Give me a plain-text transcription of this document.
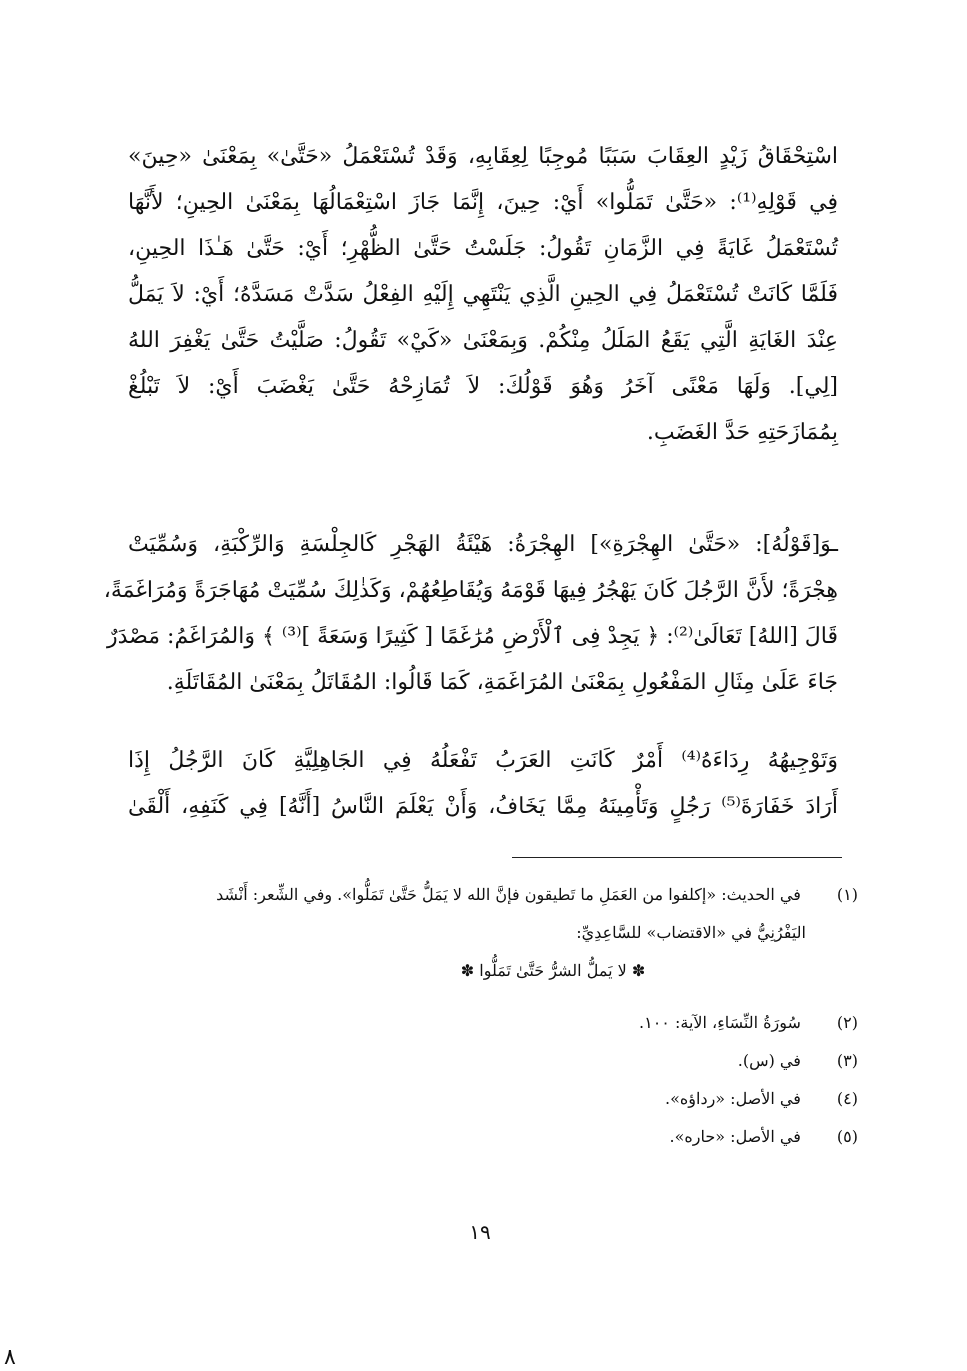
اسْتِحْقَاقُ زَيْدٍ العِقَابَ سَبَبًا مُوجِبًا لِعِقَابِهِ، وَقَدْ تُسْتَعْمَلُ «حَتَّىٰ» بِمَعْنَىٰ «حِينَ»
فِي قَوْلِهِ⁽¹⁾: «حَتَّىٰ تَمَلُّوا» أَيْ: حِينَ، إِنَّمَا جَازَ اسْتِعْمَالُهَا بِمَعْنَىٰ الحِينِ؛ لأَنَّهَا
تُسْتَعْمَلُ غَايَةً فِي الزَّمَانِ تَقُولُ: جَلَسْتُ حَتَّىٰ الظُّهْرِ؛ أَيْ: حَتَّىٰ هَـٰذَا الحِينِ،
فَلَمَّا كَانَتْ تُسْتَعْمَلُ فِي الحِينِ الَّذِي يَنْتَهِي إِلَيْهِ الفِعْلُ سَدَّتْ مَسَدَّهُ؛ أَيْ: لاَ يَمَلُّ
عِنْدَ الغَايَةِ الَّتِي يَقَعُ المَلَلُ مِنْكُمْ. وَبِمَعْنَىٰ «كَيْ» تَقُولُ: صَلَّيْتُ حَتَّىٰ يَغْفِرَ اللهُ
[لِي]. وَلَهَا مَعْنًى آخَرُ وَهُوَ قَوْلُكَ: لاَ تُمَازِحْهُ حَتَّىٰ يَغْضَبَ أَيْ: لاَ تَبْلُغْ
بِمُمَازَحَتِهِ حَدَّ الغَضَبِ.
ـوَ[قَوْلُهُ]: «حَتَّىٰ الهِجْرَةِ»] الهِجْرَةُ: هَيْئَةُ الهَجْرِ كَالجِلْسَةِ وَالرِّكْبَةِ، وَسُمِّيَتْ
هِجْرَةً؛ لأَنَّ الرَّجُلَ كَانَ يَهْجُرُ فِيهَا قَوْمَهُ وَيُقَاطِعُهُمْ، وَكَذٰلِكَ سُمِّيَتْ مُهَاجَرَةً وَمُرَاغَمَةً،
قَالَ [اللهُ] تَعَالَىٰ⁽²⁾: ﴿ يَجِدْ فِى ٱلْأَرْضِ مُرَٰغَمًا [ كَثِيرًا وَسَعَةً ]⁽³⁾ ﴾ وَالمُرَاغَمُ: مَصْدَرٌ
جَاءَ عَلَىٰ مِثَالِ المَفْعُولِ بِمَعْنَىٰ المُرَاغَمَةِ، كَمَا قَالُوا: المُقَاتَلُ بِمَعْنَىٰ المُقَاتَلَةِ.
وَتَوْجِيهُهُ رِدَاءَهُ⁽⁴⁾ أَمْرٌ كَانَتِ العَرَبُ تَفْعَلُهُ فِي الجَاهِلِيَّةِ كَانَ الرَّجُلُ إِذَا
أَرَادَ خَفَارَةَ⁽⁵⁾ رَجُلٍ وَتَأْمِينَهُ مِمَّا يَخَافُ، وَأَنْ يَعْلَمَ النَّاسُ [أَنَّهُ] فِي كَنَفِهِ، أَلْقَىٰ
(١) في الحديث: «إكلفوا من العَمَلِ ما تَطيقون فإنَّ الله لا يَمَلُّ حَتَّىٰ تَمَلُّوا». وفي الشِّعر: أَنْشَد
اليَفْرُنِيُّ في «الاقتضاب» للسَّاعِدِيِّ:
✽ لا يَملُّ الشرُّ حَتَّىٰ تَمَلُّوا ✽
(٢) سُورَةُ النِّسَاءِ، الآية: ١٠٠.
(٣) في (س).
(٤) في الأصل: «رداؤه».
(٥) في الأصل: «حاره».
١٩
٨
